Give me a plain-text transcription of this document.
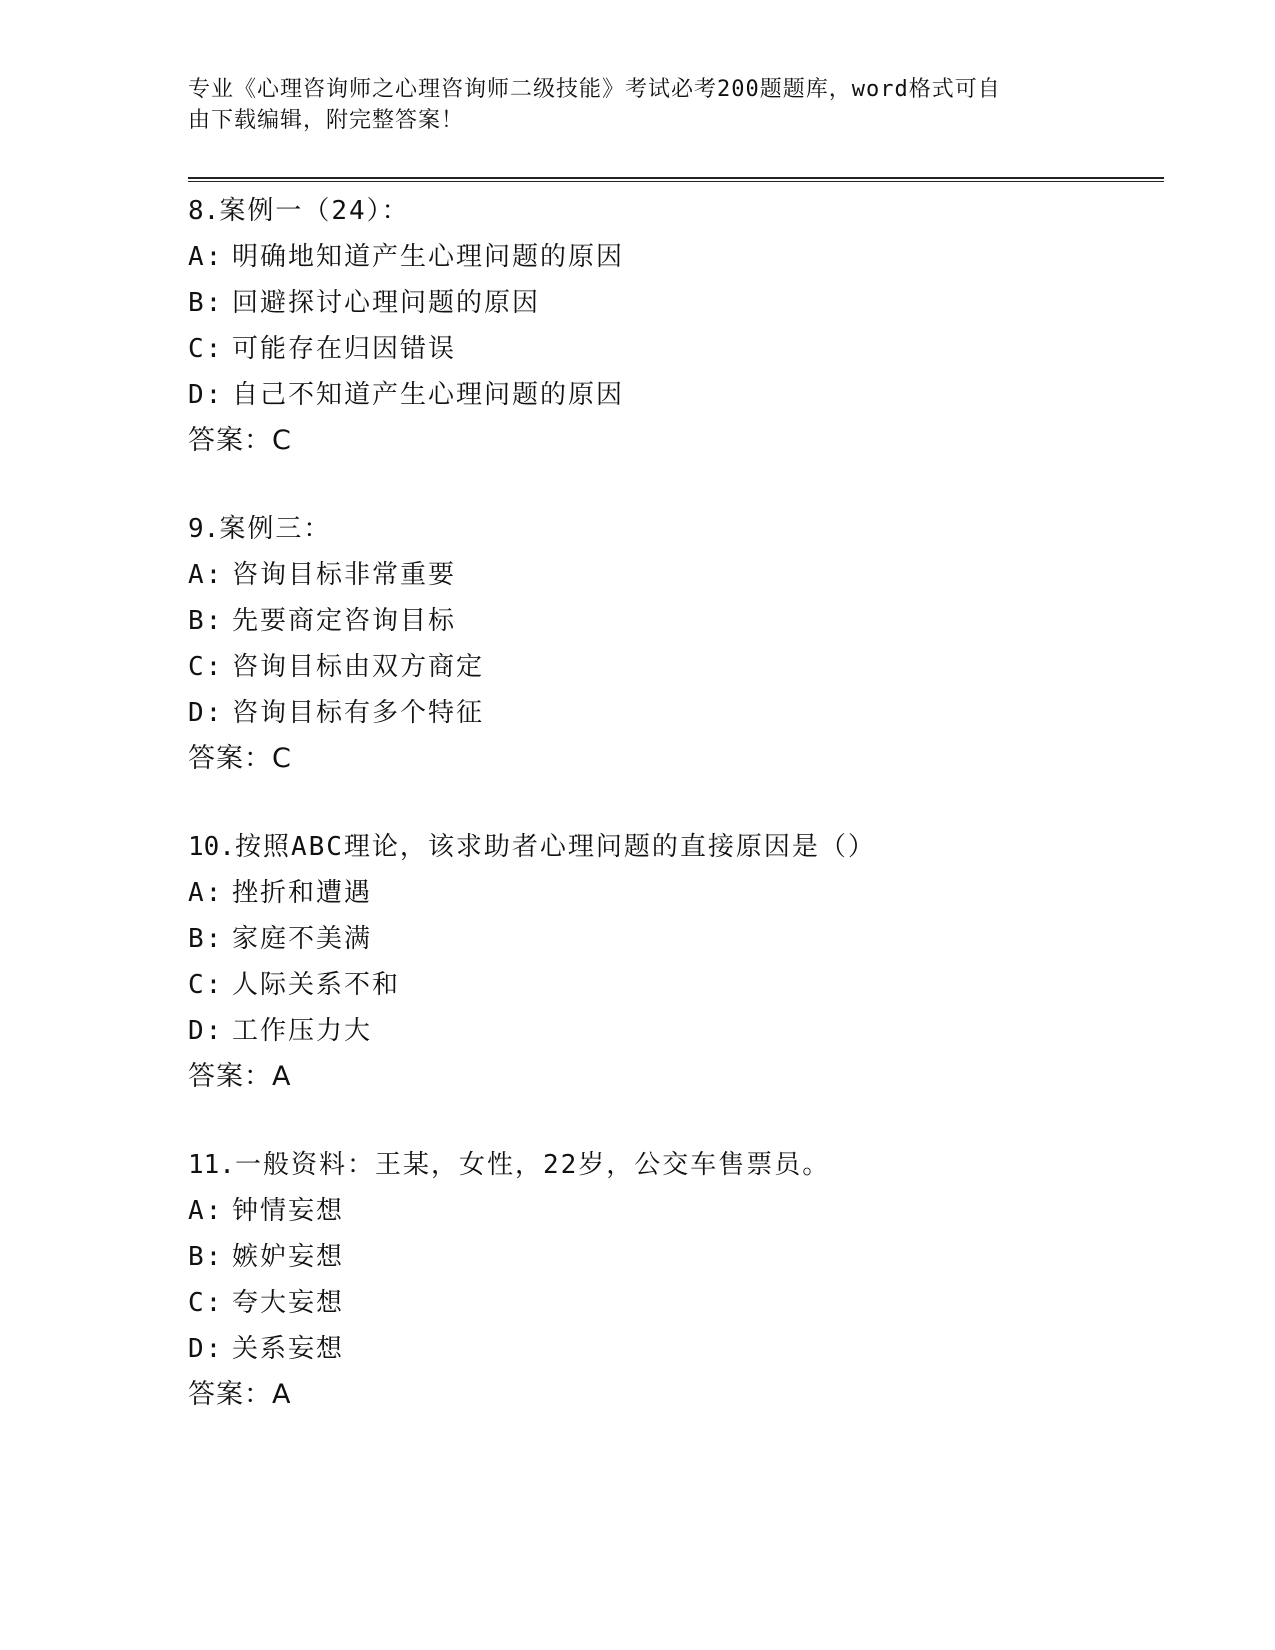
专业《心理咨询师之心理咨询师二级技能》考试必考200题题库，word格式可自
由下载编辑，附完整答案！
8.案例一（24）：
A: 明确地知道产生心理问题的原因
B: 回避探讨心理问题的原因
C: 可能存在归因错误
D: 自己不知道产生心理问题的原因
答案：C
9.案例三：
A: 咨询目标非常重要
B: 先要商定咨询目标
C: 咨询目标由双方商定
D: 咨询目标有多个特征
答案：C
10.按照ABC理论，该求助者心理问题的直接原因是（）
A: 挫折和遭遇
B: 家庭不美满
C: 人际关系不和
D: 工作压力大
答案：A
11.一般资料：王某，女性，22岁，公交车售票员。
A: 钟情妄想
B: 嫉妒妄想
C: 夸大妄想
D: 关系妄想
答案：A
